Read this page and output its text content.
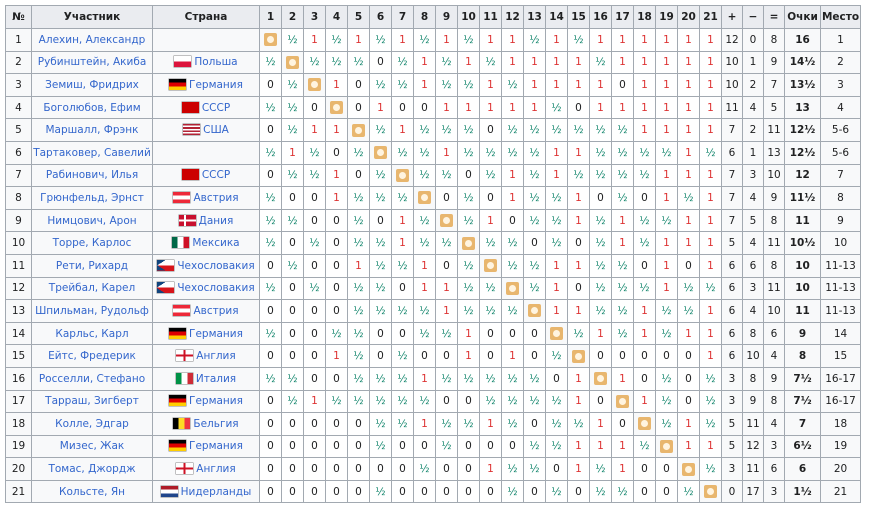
№	Участник	Страна	1	2	3	4	5	6	7	8	9	10	11	12	13	14	15	16	17	18	19	20	21	+	−	=	Очки	Место
1	Алехин, Александр			½	1	½	1	½	1	½	1	½	1	1	½	1	½	1	1	1	1	1	1	12	0	8	16	1
2	Рубинштейн, Акиба	Польша	½		½	½	½	0	½	1	½	1	½	1	1	1	1	½	1	1	1	1	1	10	1	9	14½	2
3	Земиш, Фридрих	Германия	0	½		1	0	½	½	1	½	½	1	½	1	1	1	1	0	1	1	1	1	10	2	7	13½	3
4	Боголюбов, Ефим	СССР	½	½	0		0	1	0	0	1	1	1	1	1	½	0	1	1	1	1	1	1	11	4	5	13	4
5	Маршалл, Фрэнк	США	0	½	1	1		½	1	½	½	½	0	½	½	½	½	½	½	1	1	1	1	7	2	11	12½	5-6
6	Тартаковер, Савелий		½	1	½	0	½		½	½	1	½	½	½	½	1	1	½	½	½	½	1	½	6	1	13	12½	5-6
7	Рабинович, Илья	СССР	0	½	½	1	0	½		½	½	0	½	1	½	1	½	½	½	½	1	1	1	7	3	10	12	7
8	Грюнфельд, Эрнст	Австрия	½	0	0	1	½	½	½		0	½	0	1	½	½	1	0	½	0	1	½	1	7	4	9	11½	8
9	Нимцович, Арон	Дания	½	½	0	0	½	0	1	½		½	1	0	½	½	1	½	1	½	½	1	1	7	5	8	11	9
10	Торре, Карлос	Мексика	½	0	½	0	½	½	1	½	½		½	½	0	½	0	½	1	½	1	1	1	5	4	11	10½	10
11	Рети, Рихард	Чехословакия	0	½	0	0	1	½	½	1	0	½		½	½	1	1	½	½	0	1	0	1	6	6	8	10	11-13
12	Трейбал, Карел	Чехословакия	½	0	½	0	½	½	0	1	1	½	½		½	1	0	½	½	½	1	½	½	6	3	11	10	11-13
13	Шпильман, Рудольф	Австрия	0	0	0	0	½	½	½	½	1	½	½	½		1	1	½	½	1	½	½	1	6	4	10	11	11-13
14	Карльс, Карл	Германия	½	0	0	½	½	0	0	½	½	1	0	0	0		½	1	½	1	½	1	1	6	8	6	9	14
15	Ейтс, Фредерик	Англия	0	0	0	1	½	0	½	0	0	1	0	1	0	½		0	0	0	0	0	1	6	10	4	8	15
16	Росселли, Стефано	Италия	½	½	0	0	½	½	½	1	½	½	½	½	½	0	1		1	0	½	0	½	3	8	9	7½	16-17
17	Тарраш, Зигберт	Германия	0	½	1	½	½	½	½	½	0	0	½	½	½	½	1	0		1	½	0	½	3	9	8	7½	16-17
18	Колле, Эдгар	Бельгия	0	0	0	0	0	½	½	1	½	½	1	½	0	½	½	1	0		½	1	½	5	11	4	7	18
19	Мизес, Жак	Германия	0	0	0	0	0	½	0	0	½	0	0	0	½	½	1	1	1	½		1	1	5	12	3	6½	19
20	Томас, Джордж	Англия	0	0	0	0	0	0	0	½	0	0	1	½	½	0	1	½	1	0	0		½	3	11	6	6	20
21	Кольсте, Ян	Нидерланды	0	0	0	0	0	½	0	0	0	0	0	½	0	½	0	½	½	0	0	½		0	17	3	1½	21
